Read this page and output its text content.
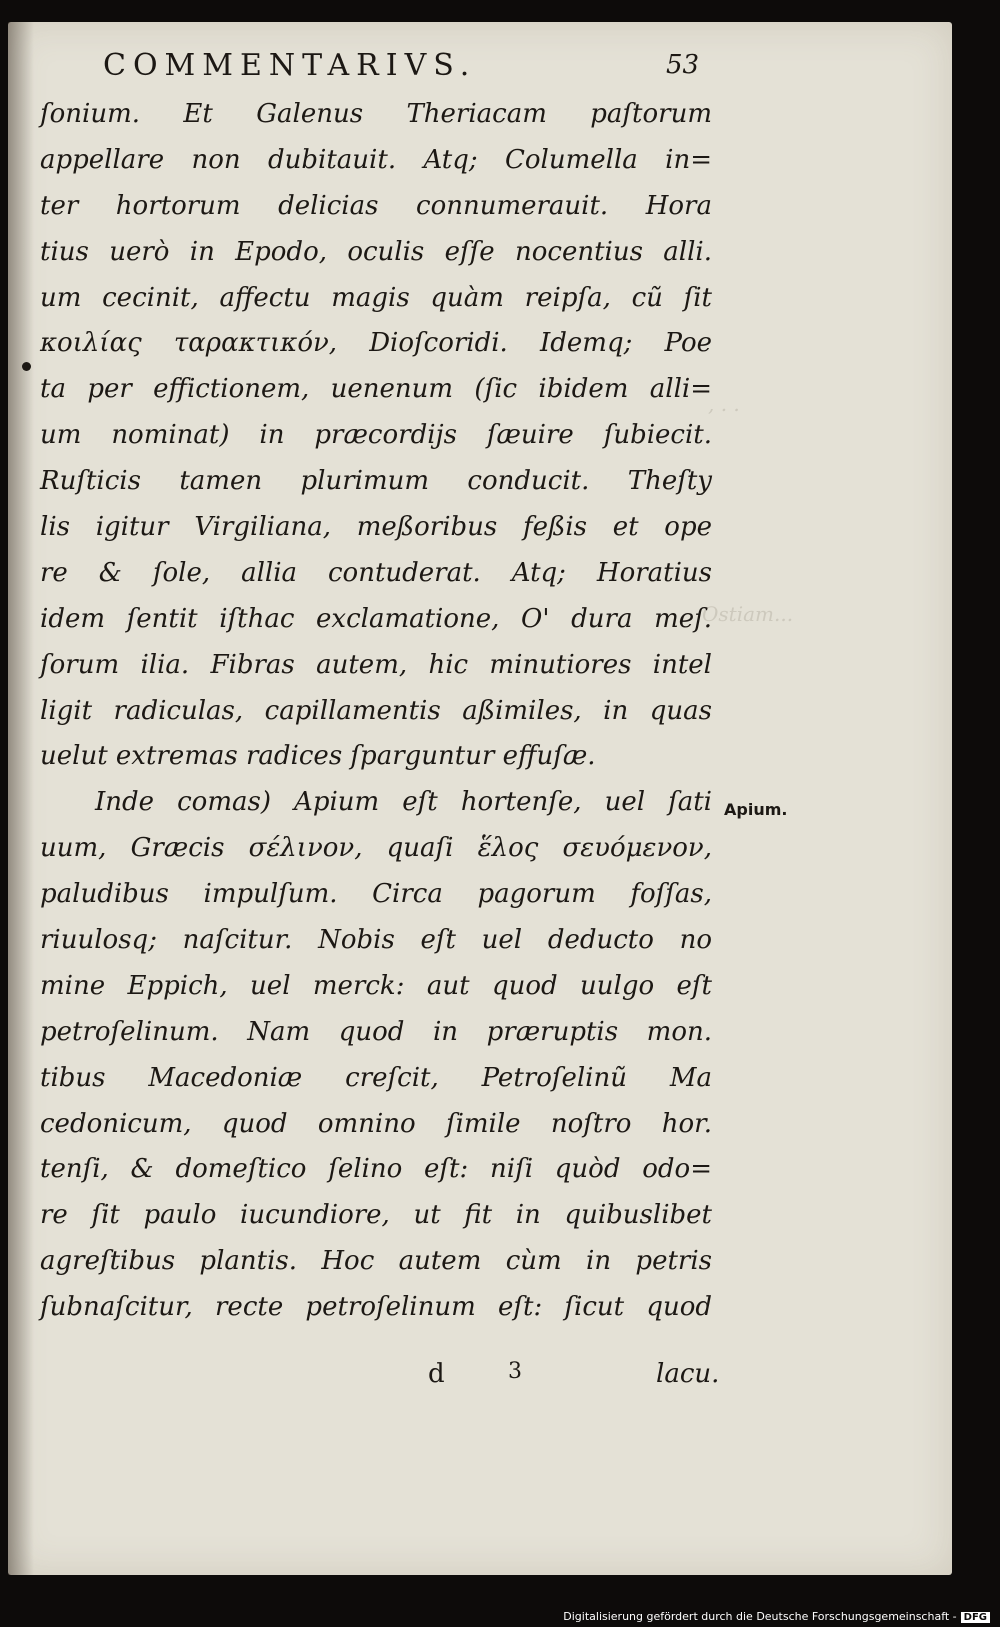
Ostiam...
, . .
COMMENTARIVS.	53
ſonium. Et Galenus Theriacam paſtorum
appellare non dubitauit. Atq; Columella in=
ter hortorum delicias connumerauit. Hora
tius uerò in Epodo, oculis eſſe nocentius alli.
um cecinit, affectu magis quàm reipſa, cũ ſit
κοιλίας ταρακτικόν, Dioſcoridi. Idemq; Poe
ta per effictionem, uenenum (ſic ibidem alli=
um nominat) in præcordijs ſæuire ſubiecit.
Ruſticis tamen plurimum conducit. Theſty
lis igitur Virgiliana, meßoribus feßis et ope
re & ſole, allia contuderat. Atq; Horatius
idem ſentit iſthac exclamatione, O' dura meſ.
ſorum ilia. Fibras autem, hic minutiores intel
ligit radiculas, capillamentis aßimiles, in quas
uelut extremas radices ſparguntur effuſæ.
Inde comas) Apium eſt hortenſe, uel ſati
uum, Græcis σέλινον, quaſi ἕλος σευόμενον,
paludibus impulſum. Circa pagorum foſſas,
riuulosq; naſcitur. Nobis eſt uel deducto no
mine Eppich, uel merck: aut quod uulgo eſt
petroſelinum. Nam quod in præruptis mon.
tibus Macedoniæ creſcit, Petroſelinũ Ma
cedonicum, quod omnino ſimile noſtro hor.
tenſi, & domeſtico ſelino eſt: niſi quòd odo=
re ſit paulo iucundiore, ut fit in quibuslibet
agreſtibus plantis. Hoc autem cùm in petris
ſubnaſcitur, recte petroſelinum eſt: ſicut quod
Apium.
d	3	lacu.
Digitalisierung gefördert durch die Deutsche Forschungsgemeinschaft - DFG
